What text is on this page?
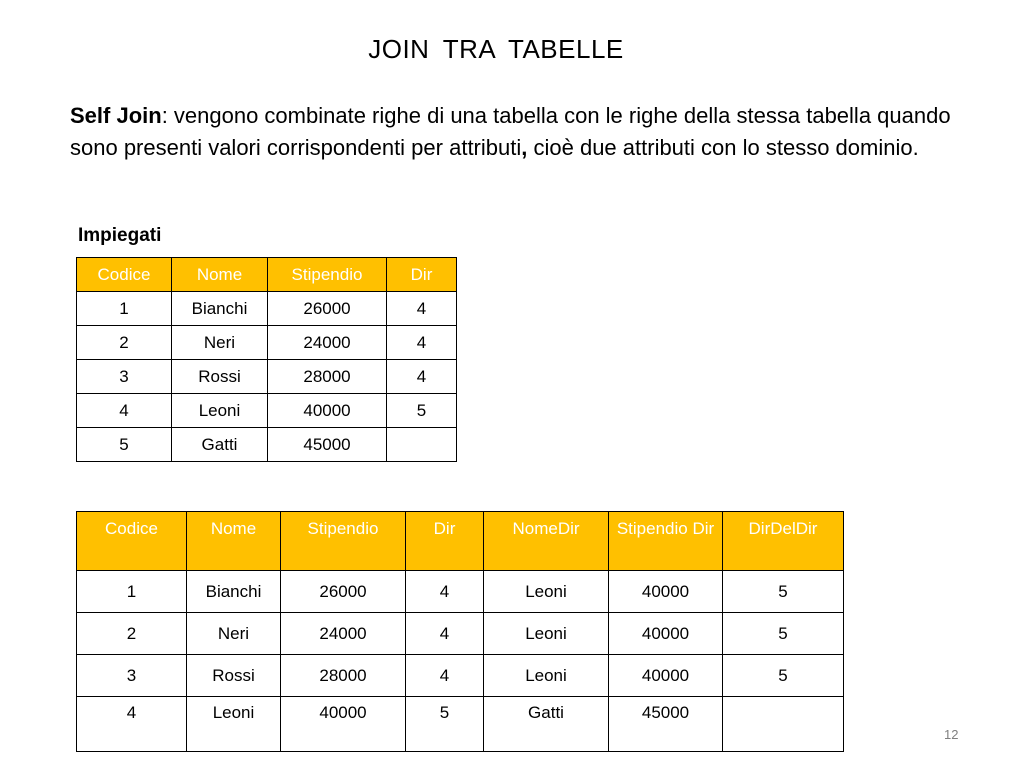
JOIN TRA TABELLE
Self Join: vengono combinate righe di una tabella con le righe della stessa tabella quando sono presenti valori corrispondenti per attributi, cioè due attributi con lo stesso dominio.
Impiegati
Codice	Nome	Stipendio	Dir
1	Bianchi	26000	4
2	Neri	24000	4
3	Rossi	28000	4
4	Leoni	40000	5
5	Gatti	45000	
Codice	Nome	Stipendio	Dir	NomeDir	Stipendio Dir	DirDelDir
1	Bianchi	26000	4	Leoni	40000	5
2	Neri	24000	4	Leoni	40000	5
3	Rossi	28000	4	Leoni	40000	5
4	Leoni	40000	5	Gatti	45000	
12
